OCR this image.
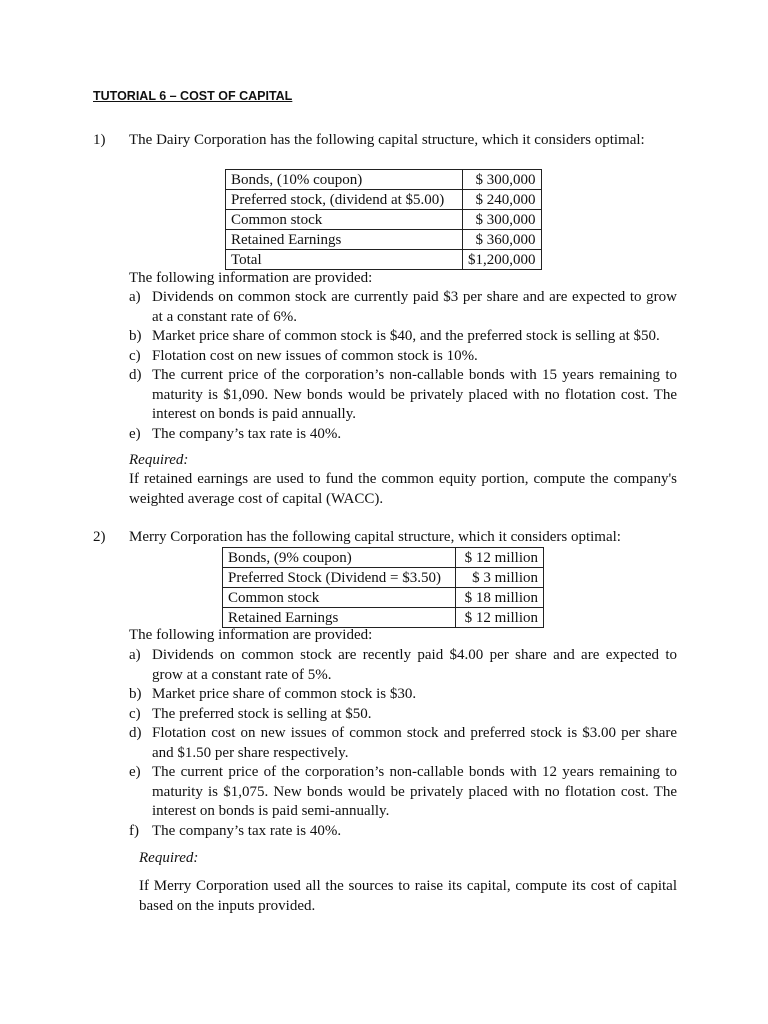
TUTORIAL 6 – COST OF CAPITAL
1) The Dairy Corporation has the following capital structure, which it considers optimal:
Bonds, (10% coupon)	$ 300,000
Preferred stock, (dividend at $5.00)	$ 240,000
Common stock	$ 300,000
Retained Earnings	$ 360,000
Total	$1,200,000
The following information are provided:
a) Dividends on common stock are currently paid $3 per share and are expected to grow at a constant rate of 6%.
b) Market price share of common stock is $40, and the preferred stock is selling at $50.
c) Flotation cost on new issues of common stock is 10%.
d) The current price of the corporation’s non-callable bonds with 15 years remaining to maturity is $1,090. New bonds would be privately placed with no flotation cost. The interest on bonds is paid annually.
e) The company’s tax rate is 40%.
Required:
If retained earnings are used to fund the common equity portion, compute the company's weighted average cost of capital (WACC).
2) Merry Corporation has the following capital structure, which it considers optimal:
Bonds, (9% coupon)	$ 12 million
Preferred Stock (Dividend = $3.50)	$ 3 million
Common stock	$ 18 million
Retained Earnings	$ 12 million
The following information are provided:
a) Dividends on common stock are recently paid $4.00 per share and are expected to grow at a constant rate of 5%.
b) Market price share of common stock is $30.
c) The preferred stock is selling at $50.
d) Flotation cost on new issues of common stock and preferred stock is $3.00 per share and $1.50 per share respectively.
e) The current price of the corporation’s non-callable bonds with 12 years remaining to maturity is $1,075. New bonds would be privately placed with no flotation cost. The interest on bonds is paid semi-annually.
f) The company’s tax rate is 40%.
Required:
If Merry Corporation used all the sources to raise its capital, compute its cost of capital based on the inputs provided.
